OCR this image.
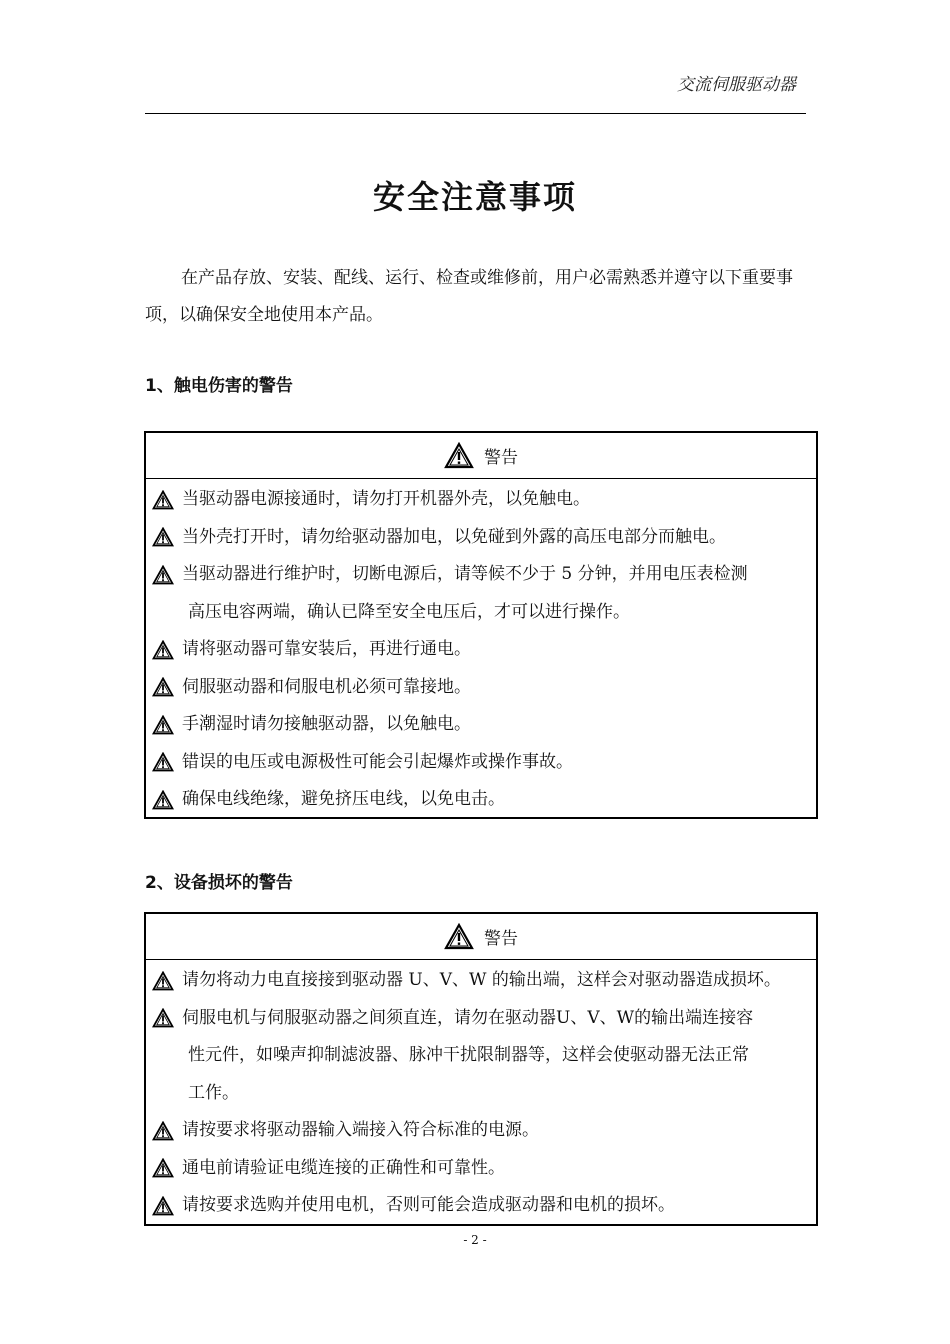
交流伺服驱动器
安全注意事项
在产品存放、安装、配线、运行、检查或维修前，用户必需熟悉并遵守以下重要事项，以确保安全地使用本产品。
1、触电伤害的警告
警告
当驱动器电源接通时，请勿打开机器外壳，以免触电。
当外壳打开时，请勿给驱动器加电，以免碰到外露的高压电部分而触电。
当驱动器进行维护时，切断电源后，请等候不少于 5 分钟，并用电压表检测
高压电容两端，确认已降至安全电压后，才可以进行操作。
请将驱动器可靠安装后，再进行通电。
伺服驱动器和伺服电机必须可靠接地。
手潮湿时请勿接触驱动器，以免触电。
错误的电压或电源极性可能会引起爆炸或操作事故。
确保电线绝缘，避免挤压电线，以免电击。
2、设备损坏的警告
警告
请勿将动力电直接接到驱动器 U、V、W 的输出端，这样会对驱动器造成损坏。
伺服电机与伺服驱动器之间须直连，请勿在驱动器U、V、W的输出端连接容
性元件，如噪声抑制滤波器、脉冲干扰限制器等，这样会使驱动器无法正常
工作。
请按要求将驱动器输入端接入符合标准的电源。
通电前请验证电缆连接的正确性和可靠性。
请按要求选购并使用电机，否则可能会造成驱动器和电机的损坏。
- 2 -
